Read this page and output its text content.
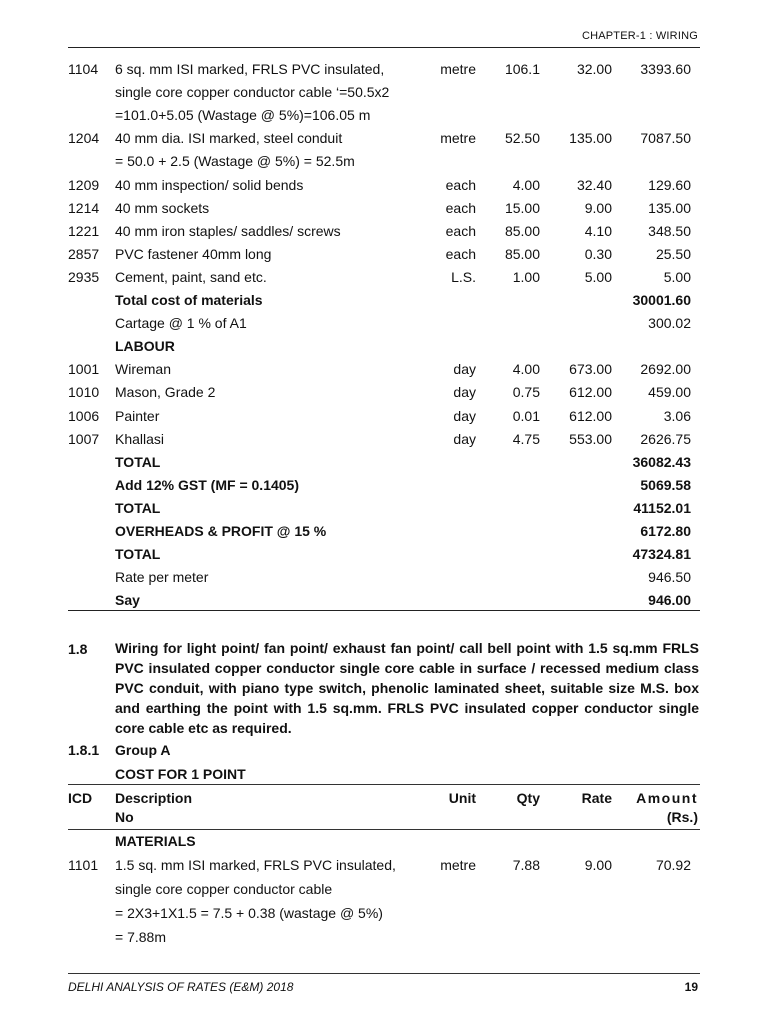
CHAPTER-1 : WIRING
1104 6 sq. mm ISI marked, FRLS PVC insulated,	metre 106.1	32.00 3393.60
single core copper conductor cable ‘=50.5x2
=101.0+5.05 (Wastage @ 5%)=106.05 m
1204 40 mm dia. ISI marked, steel conduit	metre 52.50 135.00 7087.50
= 50.0 + 2.5 (Wastage @ 5%) = 52.5m
1209 40 mm inspection/ solid bends	each	4.00	32.40	129.60
1214 40 mm sockets	each 15.00	9.00	135.00
1221 40 mm iron staples/ saddles/ screws	each 85.00	4.10	348.50
2857 PVC fastener 40mm long	each 85.00	0.30	25.50
2935 Cement, paint, sand etc.	L.S.	1.00	5.00	5.00
Total cost of materials	30001.60
Cartage @ 1 % of A1	300.02
LABOUR
1001 Wireman	day	4.00 673.00 2692.00
1010 Mason, Grade 2	day	0.75 612.00	459.00
1006 Painter	day	0.01 612.00	3.06
1007 Khallasi	day	4.75 553.00 2626.75
TOTAL	36082.43
Add 12% GST (MF = 0.1405)	5069.58
TOTAL	41152.01
OVERHEADS & PROFIT @ 15 %	6172.80
TOTAL	47324.81
Rate per meter	946.50
Say	946.00
1.8 Wiring for light point/ fan point/ exhaust fan point/ call bell point with 1.5 sq.mm FRLS PVC insulated copper conductor single core cable in surface / recessed medium class PVC conduit, with piano type switch, phenolic laminated sheet, suitable size M.S. box and earthing the point with 1.5 sq.mm. FRLS PVC insulated copper conductor single core cable etc as required.
1.8.1 Group A
COST FOR 1 POINT
ICD Description
No
Unit	Qty	Rate Amount
(Rs.)
MATERIALS
1101 1.5 sq. mm ISI marked, FRLS PVC insulated,	metre	7.88	9.00	70.92
single core copper conductor cable
= 2X3+1X1.5 = 7.5 + 0.38 (wastage @ 5%)
= 7.88m
DELHI ANALYSIS OF RATES (E&M) 2018	19
